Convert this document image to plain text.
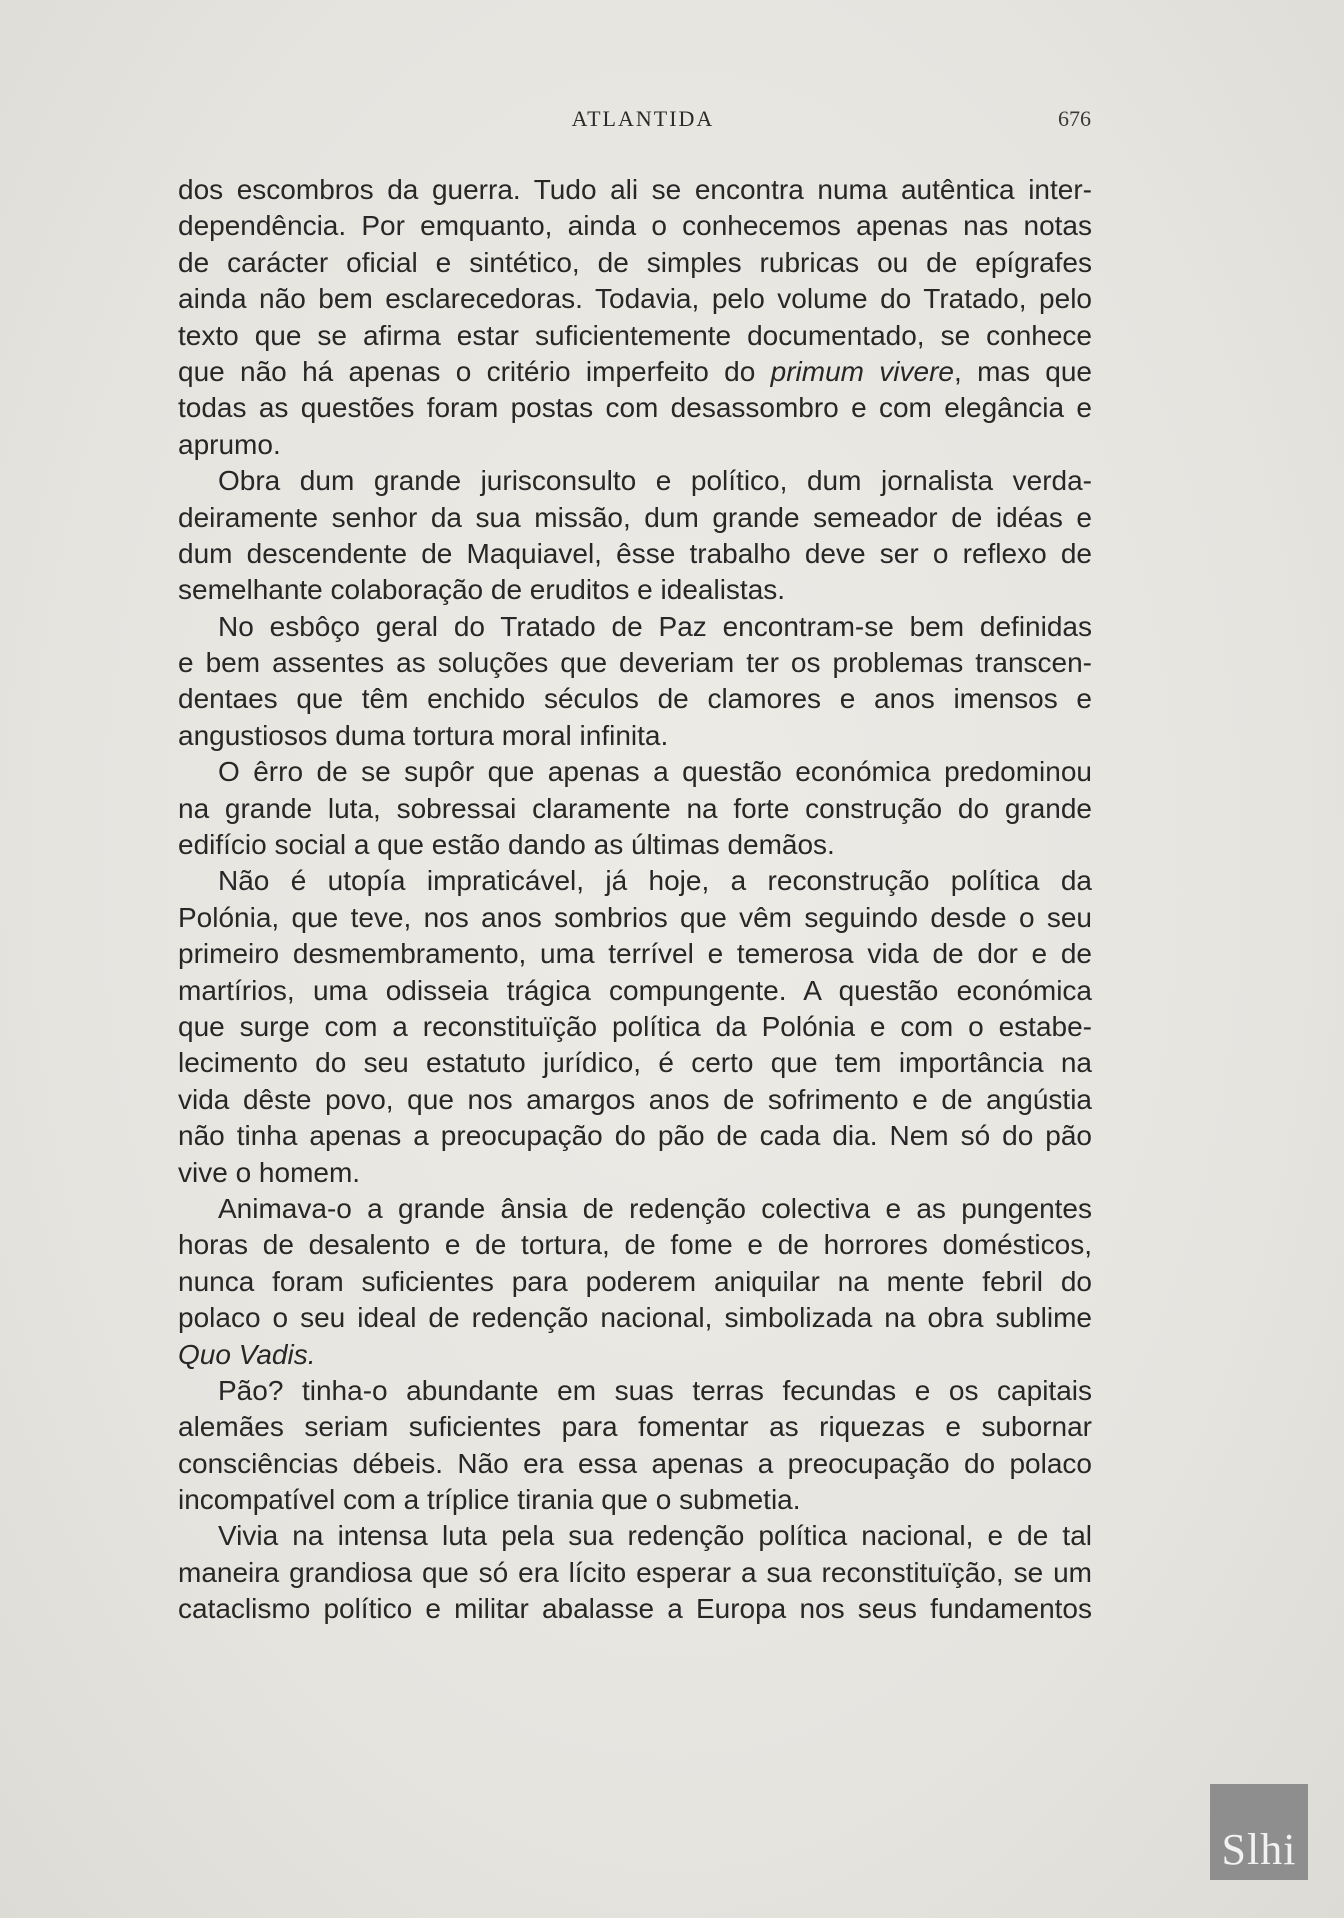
ATLANTIDA	676
dos escombros da guerra. Tudo ali se encontra numa autêntica inter-
dependência. Por emquanto, ainda o conhecemos apenas nas notas
de carácter oficial e sintético, de simples rubricas ou de epígrafes
ainda não bem esclarecedoras. Todavia, pelo volume do Tratado, pelo
texto que se afirma estar suficientemente documentado, se conhece
que não há apenas o critério imperfeito do primum vivere, mas que
todas as questões foram postas com desassombro e com elegância e
aprumo.
Obra dum grande jurisconsulto e político, dum jornalista verda-
deiramente senhor da sua missão, dum grande semeador de idéas e
dum descendente de Maquiavel, êsse trabalho deve ser o reflexo de
semelhante colaboração de eruditos e idealistas.
No esbôço geral do Tratado de Paz encontram-se bem definidas
e bem assentes as soluções que deveriam ter os problemas transcen-
dentaes que têm enchido séculos de clamores e anos imensos e
angustiosos duma tortura moral infinita.
O êrro de se supôr que apenas a questão económica predominou
na grande luta, sobressai claramente na forte construção do grande
edifício social a que estão dando as últimas demãos.
Não é utopía impraticável, já hoje, a reconstrução política da
Polónia, que teve, nos anos sombrios que vêm seguindo desde o seu
primeiro desmembramento, uma terrível e temerosa vida de dor e de
martírios, uma odisseia trágica compungente. A questão económica
que surge com a reconstituïção política da Polónia e com o estabe-
lecimento do seu estatuto jurídico, é certo que tem importância na
vida dêste povo, que nos amargos anos de sofrimento e de angústia
não tinha apenas a preocupação do pão de cada dia. Nem só do pão
vive o homem.
Animava-o a grande ânsia de redenção colectiva e as pungentes
horas de desalento e de tortura, de fome e de horrores domésticos,
nunca foram suficientes para poderem aniquilar na mente febril do
polaco o seu ideal de redenção nacional, simbolizada na obra sublime
Quo Vadis.
Pão? tinha-o abundante em suas terras fecundas e os capitais
alemães seriam suficientes para fomentar as riquezas e subornar
consciências débeis. Não era essa apenas a preocupação do polaco
incompatível com a tríplice tirania que o submetia.
Vivia na intensa luta pela sua redenção política nacional, e de tal
maneira grandiosa que só era lícito esperar a sua reconstituïção, se um
cataclismo político e militar abalasse a Europa nos seus fundamentos
Slhi
